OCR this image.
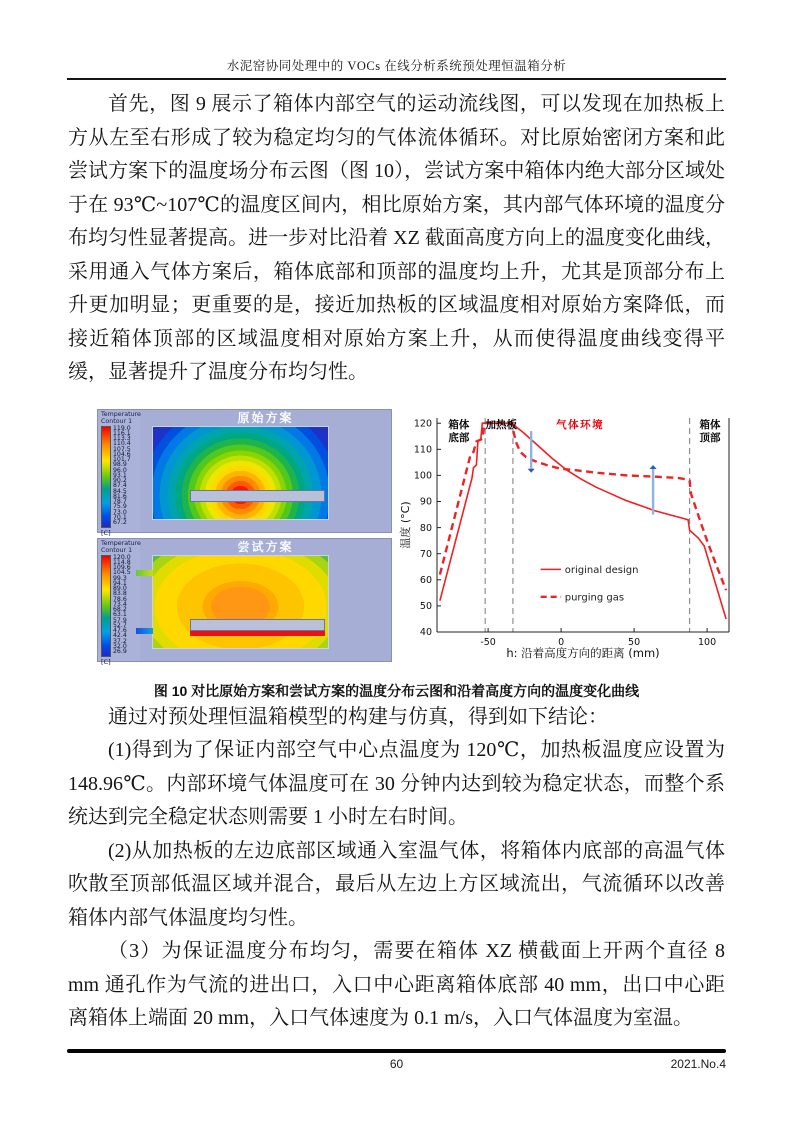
水泥窑协同处理中的 VOCs 在线分析系统预处理恒温箱分析

首先，图 9 展示了箱体内部空气的运动流线图，可以发现在加热板上方从左至右形成了较为稳定均匀的气体流体循环。对比原始密闭方案和此尝试方案下的温度场分布云图（图 10），尝试方案中箱体内绝大部分区域处于在 93℃~107℃的温度区间内，相比原始方案，其内部气体环境的温度分布均匀性显著提高。进一步对比沿着 XZ 截面高度方向上的温度变化曲线，采用通入气体方案后，箱体底部和顶部的温度均上升，尤其是顶部分布上升更加明显；更重要的是，接近加热板的区域温度相对原始方案降低，而接近箱体顶部的区域温度相对原始方案上升，从而使得温度曲线变得平缓，显著提升了温度分布均匀性。

Temperature
Contour 1
119.0
116.1
113.3
110.4
107.5
104.6
101.7
98.9
96.0
93.1
90.2
87.4
84.5
81.6
78.7
75.9
73.0
70.1
67.2
[C]
原始方案
Temperature
Contour 1
120.0
114.8
109.6
104.5
99.3
94.1
89.0
83.8
78.6
73.4
68.2
63.1
57.9
52.7
47.6
42.4
37.2
32.0
26.9
[C]
尝试方案
40
50
60
70
80
90
100
110
120
-50	0	50	100
箱体
底部
加热板	气体环境	箱体
顶部
original design
purging gas
h: 沿着高度方向的距离 (mm)
温度 (°C)
图 10 对比原始方案和尝试方案的温度分布云图和沿着高度方向的温度变化曲线

通过对预处理恒温箱模型的构建与仿真，得到如下结论：

(1)得到为了保证内部空气中心点温度为 120℃，加热板温度应设置为 148.96℃。内部环境气体温度可在 30 分钟内达到较为稳定状态，而整个系统达到完全稳定状态则需要 1 小时左右时间。

(2)从加热板的左边底部区域通入室温气体，将箱体内底部的高温气体吹散至顶部低温区域并混合，最后从左边上方区域流出，气流循环以改善箱体内部气体温度均匀性。

（3）为保证温度分布均匀，需要在箱体 XZ 横截面上开两个直径 8 mm 通孔作为气流的进出口，入口中心距离箱体底部 40 mm，出口中心距离箱体上端面 20 mm，入口气体速度为 0.1 m/s，入口气体温度为室温。

60	2021.No.4
